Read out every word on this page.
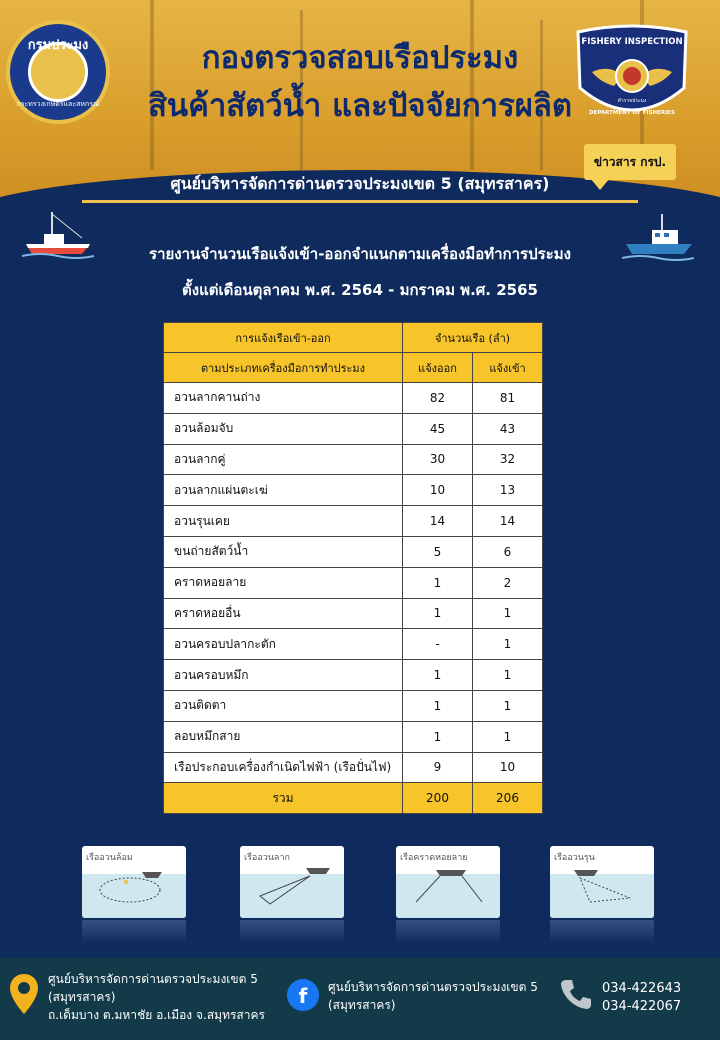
กรมประมง
กระทรวงเกษตรและสหกรณ์
FISHERY INSPECTION
ตำรวจประมง
DEPARTMENT OF FISHERIES
กองตรวจสอบเรือประมง
สินค้าสัตว์น้ำ และปัจจัยการผลิต
ข่าวสาร กรป.
ศูนย์บริหารจัดการด่านตรวจประมงเขต 5 (สมุทรสาคร)
รายงานจำนวนเรือแจ้งเข้า-ออกจำแนกตามเครื่องมือทำการประมง
ตั้งแต่เดือนตุลาคม พ.ศ. 2564 - มกราคม พ.ศ. 2565
การแจ้งเรือเข้า-ออก	จำนวนเรือ (ลำ)	
ตามประเภทเครื่องมือการทำประมง	แจ้งออก	แจ้งเข้า
อวนลากคานถ่าง	82	81
อวนล้อมจับ	45	43
อวนลากคู่	30	32
อวนลากแผ่นตะเฆ่	10	13
อวนรุนเคย	14	14
ขนถ่ายสัตว์น้ำ	5	6
คราดหอยลาย	1	2
คราดหอยอื่น	1	1
อวนครอบปลากะตัก	-	1
อวนครอบหมึก	1	1
อวนติดตา	1	1
ลอบหมึกสาย	1	1
เรือประกอบเครื่องกำเนิดไฟฟ้า (เรือปั่นไฟ)	9	10
รวม	200	206
เรืออวนล้อม	เรืออวนลาก	เรือคราดหอยลาย	เรืออวนรุน
ศูนย์บริหารจัดการด่านตรวจประมงเขต 5
(สมุทรสาคร)
ถ.เด็มบาง ต.มหาชัย อ.เมือง จ.สมุทรสาคร
f ศูนย์บริหารจัดการด่านตรวจประมงเขต 5
(สมุทรสาคร)
034-422643
034-422067
